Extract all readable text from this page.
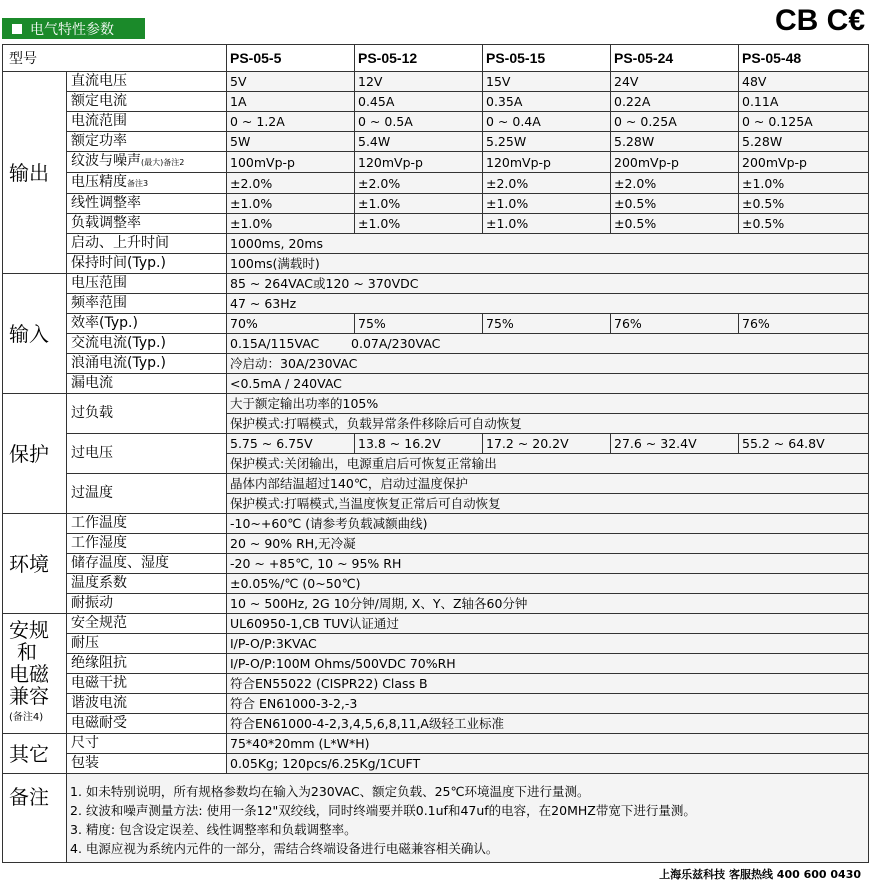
电气特性参数	CB C€
型号		PS-05-5	PS-05-12	PS-05-15	PS-05-24	PS-05-48
输出	直流电压	5V	12V	15V	24V	48V
	额定电流	1A	0.45A	0.35A	0.22A	0.11A
	电流范围	0 ~ 1.2A	0 ~ 0.5A	0 ~ 0.4A	0 ~ 0.25A	0 ~ 0.125A
	额定功率	5W	5.4W	5.25W	5.28W	5.28W
	纹波与噪声(最大)备注2	100mVp-p	120mVp-p	120mVp-p	200mVp-p	200mVp-p
	电压精度备注3	±2.0%	±2.0%	±2.0%	±2.0%	±1.0%
	线性调整率	±1.0%	±1.0%	±1.0%	±0.5%	±0.5%
	负载调整率	±1.0%	±1.0%	±1.0%	±0.5%	±0.5%
	启动、上升时间	1000ms, 20ms				
	保持时间(Typ.)	100ms(满载时)				
输入	电压范围	85 ~ 264VAC或120 ~ 370VDC				
	频率范围	47 ~ 63Hz				
	效率(Typ.)	70%	75%	75%	76%	76%
	交流电流(Typ.)	0.15A/115VAC        0.07A/230VAC				
	浪涌电流(Typ.)	冷启动：30A/230VAC				
	漏电流	<0.5mA / 240VAC				
保护	过负载	大于额定输出功率的105%				
		保护模式:打嗝模式，负载异常条件移除后可自动恢复				
	过电压	5.75 ~ 6.75V	13.8 ~ 16.2V	17.2 ~ 20.2V	27.6 ~ 32.4V	55.2 ~ 64.8V
		保护模式:关闭输出，电源重启后可恢复正常输出				
	过温度	晶体内部结温超过140℃，启动过温度保护				
		保护模式:打嗝模式,当温度恢复正常后可自动恢复				
环境	工作温度	-10~+60℃ (请参考负载减额曲线)				
	工作湿度	20 ~ 90% RH,无冷凝				
	储存温度、湿度	-20 ~ +85℃, 10 ~ 95% RH				
	温度系数	±0.05%/℃ (0~50℃)				
	耐振动	10 ~ 500Hz, 2G 10分钟/周期, X、Y、Z轴各60分钟				

安规
和
电磁
兼容
(备注4)	安全规范	UL60950-1,CB TUV认证通过				
	耐压	I/P-O/P:3KVAC				
	绝缘阻抗	I/P-O/P:100M Ohms/500VDC 70%RH				
	电磁干扰	符合EN55022 (CISPR22) Class B				
	谐波电流	符合 EN61000-3-2,-3				
	电磁耐受	符合EN61000-4-2,3,4,5,6,8,11,A级轻工业标准				
其它	尺寸	75*40*20mm (L*W*H)				
	包装	0.05Kg; 120pcs/6.25Kg/1CUFT				
备注	1. 如未特别说明，所有规格参数均在输入为230VAC、额定负载、25℃环境温度下进行量测。
2. 纹波和噪声测量方法: 使用一条12"双绞线，同时终端要并联0.1uf和47uf的电容，在20MHZ带宽下进行量测。
3. 精度: 包含设定误差、线性调整率和负载调整率。
4. 电源应视为系统内元件的一部分，需结合终端设备进行电磁兼容相关确认。					
上海乐兹科技 客服热线 400 600 0430
